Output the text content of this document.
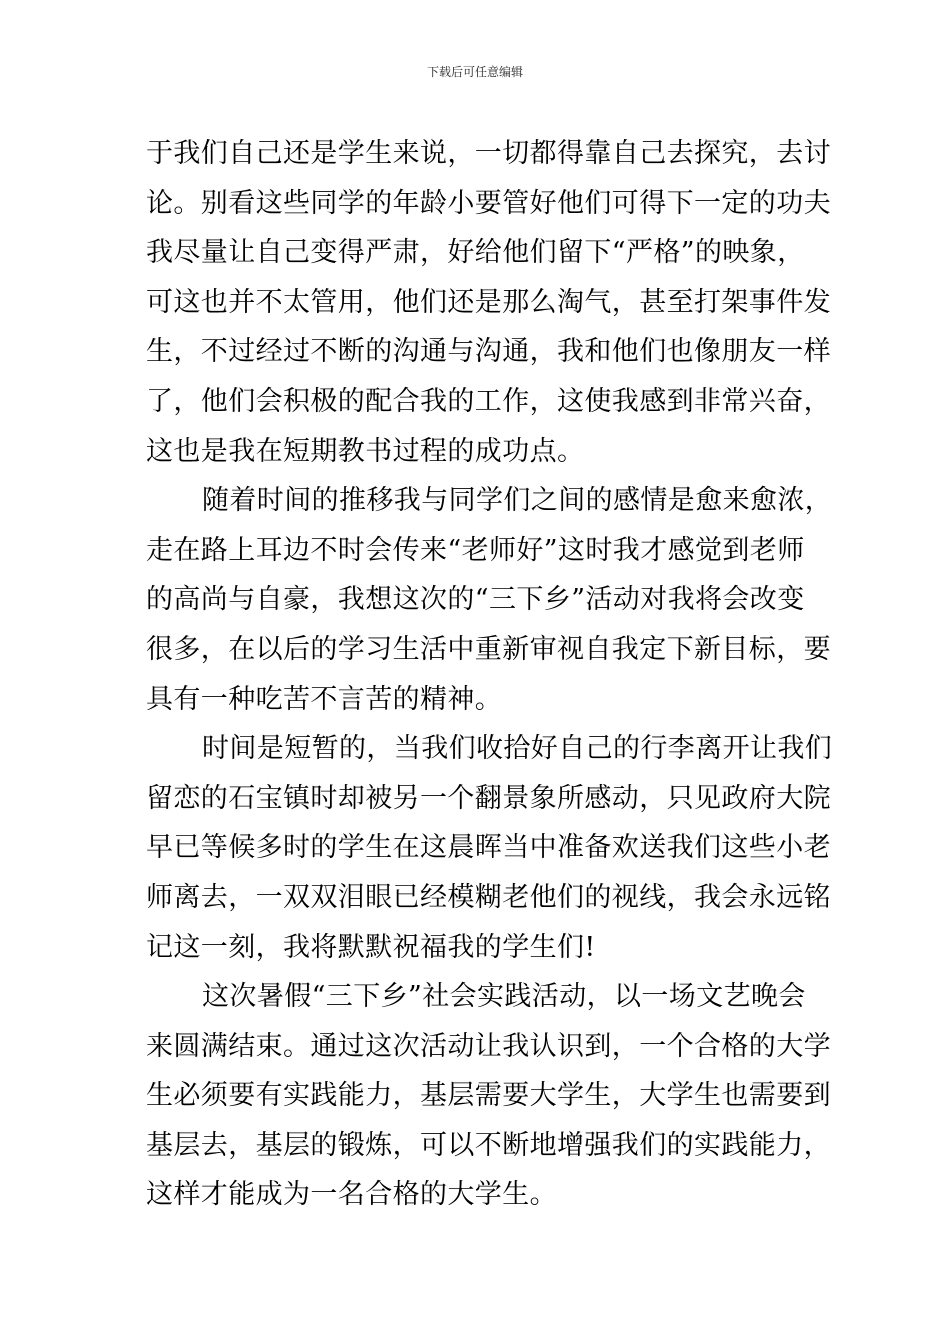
下载后可任意编辑
于我们自己还是学生来说，一切都得靠自己去探究，去讨
论。别看这些同学的年龄小要管好他们可得下一定的功夫
我尽量让自己变得严肃，好给他们留下“严格”的映象，
可这也并不太管用，他们还是那么淘气，甚至打架事件发
生，不过经过不断的沟通与沟通，我和他们也像朋友一样
了，他们会积极的配合我的工作，这使我感到非常兴奋，
这也是我在短期教书过程的成功点。
随着时间的推移我与同学们之间的感情是愈来愈浓，
走在路上耳边不时会传来“老师好”这时我才感觉到老师
的高尚与自豪，我想这次的“三下乡”活动对我将会改变
很多，在以后的学习生活中重新审视自我定下新目标，要
具有一种吃苦不言苦的精神。
时间是短暂的，当我们收拾好自己的行李离开让我们
留恋的石宝镇时却被另一个翻景象所感动，只见政府大院
早已等候多时的学生在这晨晖当中准备欢送我们这些小老
师离去，一双双泪眼已经模糊老他们的视线，我会永远铭
记这一刻，我将默默祝福我的学生们!
这次暑假“三下乡”社会实践活动，以一场文艺晚会
来圆满结束。通过这次活动让我认识到，一个合格的大学
生必须要有实践能力，基层需要大学生，大学生也需要到
基层去，基层的锻炼，可以不断地增强我们的实践能力，
这样才能成为一名合格的大学生。
